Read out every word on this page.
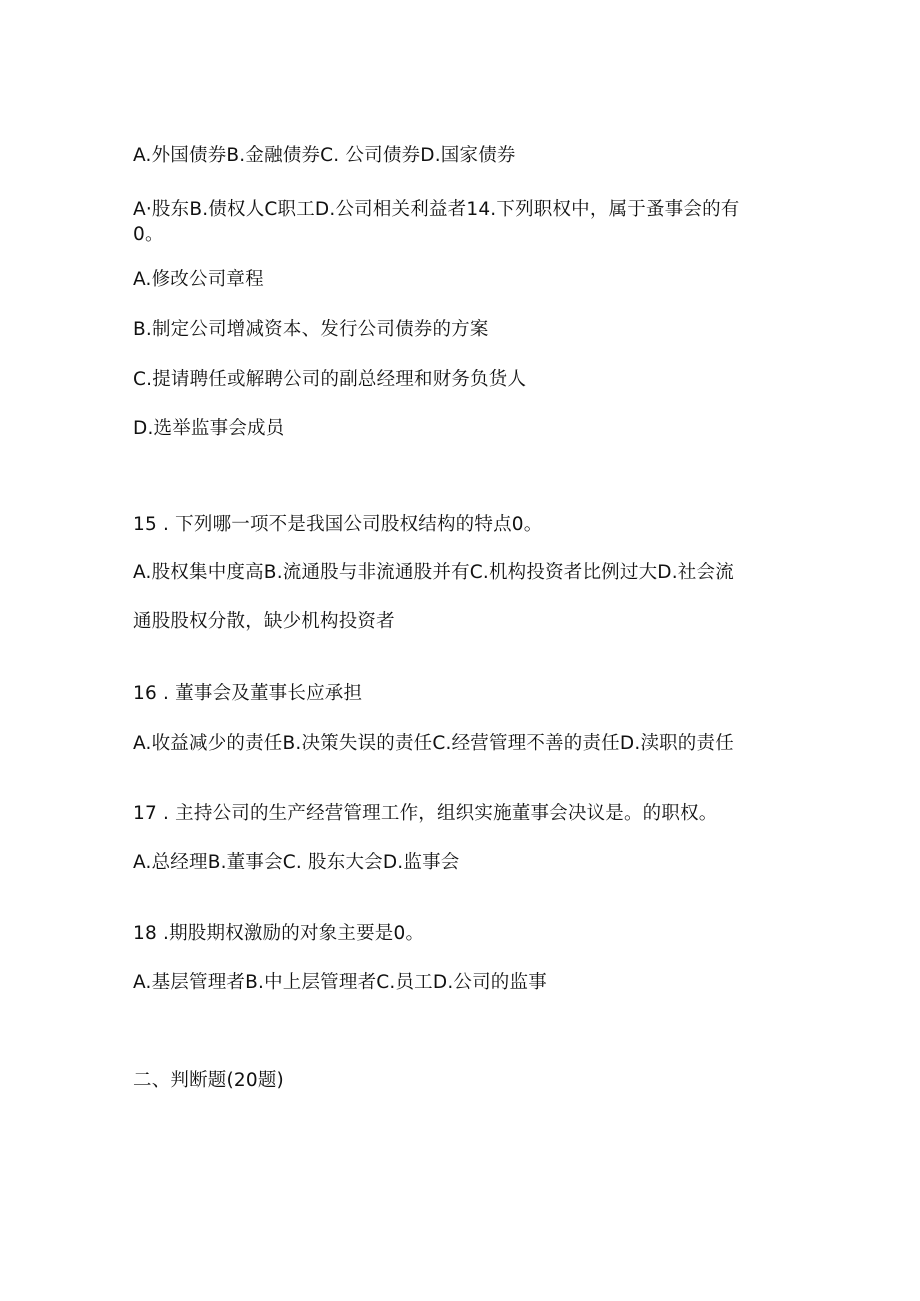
A.外国债券B.金融债券C. 公司债券D.国家债券
A·股东B.债权人C职工D.公司相关利益者14.下列职权中，属于蚤事会的有
0。
A.修改公司章程
B.制定公司增减资本、发行公司债券的方案
C.提请聘任或解聘公司的副总经理和财务负货人
D.选举监事会成员
15 . 下列哪一项不是我国公司股权结构的特点0。
A.股权集中度高B.流通股与非流通股并有C.机构投资者比例过大D.社会流
通股股权分散，缺少机构投资者
16 . 董事会及董事长应承担
A.收益减少的责任B.决策失误的责任C.经营管理不善的责任D.渎职的责任
17 . 主持公司的生产经营管理工作，组织实施董事会决议是。的职权。
A.总经理B.董事会C. 股东大会D.监事会
18 .期股期权激励的对象主要是0。
A.基层管理者B.中上层管理者C.员工D.公司的监事
二、判断题(20题)
